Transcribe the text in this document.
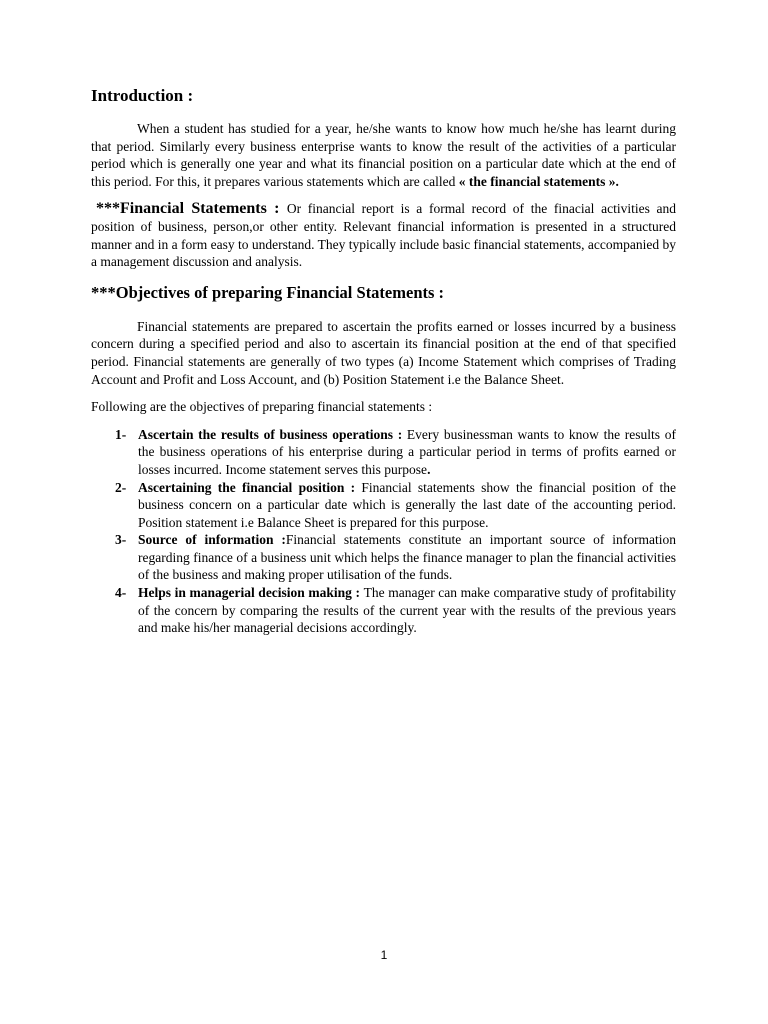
Introduction :

When a student has studied for a year, he/she wants to know how much he/she has learnt during that period. Similarly every business enterprise wants to know the result of the activities of a particular period which is generally one year and what its financial position on a particular date which at the end of this period. For this, it prepares various statements which are called « the financial statements ».

***Financial Statements : Or financial report is a formal record of the finacial activities and position of business, person,or other entity. Relevant financial information is presented in a structured manner and in a form easy to understand. They typically include basic financial statements, accompanied by a management discussion and analysis.

***Objectives of preparing Financial Statements :

Financial statements are prepared to ascertain the profits earned or losses incurred by a business concern during a specified period and also to ascertain its financial position at the end of that specified period. Financial statements are generally of two types (a) Income Statement which comprises of Trading Account and Profit and Loss Account, and (b) Position Statement i.e the Balance Sheet.

Following are the objectives of preparing financial statements :

1- Ascertain the results of business operations : Every businessman wants to know the results of the business operations of his enterprise during a particular period in terms of profits earned or losses incurred. Income statement serves this purpose.

2- Ascertaining the financial position : Financial statements show the financial position of the business concern on a particular date which is generally the last date of the accounting period. Position statement i.e Balance Sheet is prepared for this purpose.

3- Source of information :Financial statements constitute an important source of information regarding finance of a business unit which helps the finance manager to plan the financial activities of the business and making proper utilisation of the funds.

4- Helps in managerial decision making : The manager can make comparative study of profitability of the concern by comparing the results of the current year with the results of the previous years and make his/her managerial decisions accordingly.

1
